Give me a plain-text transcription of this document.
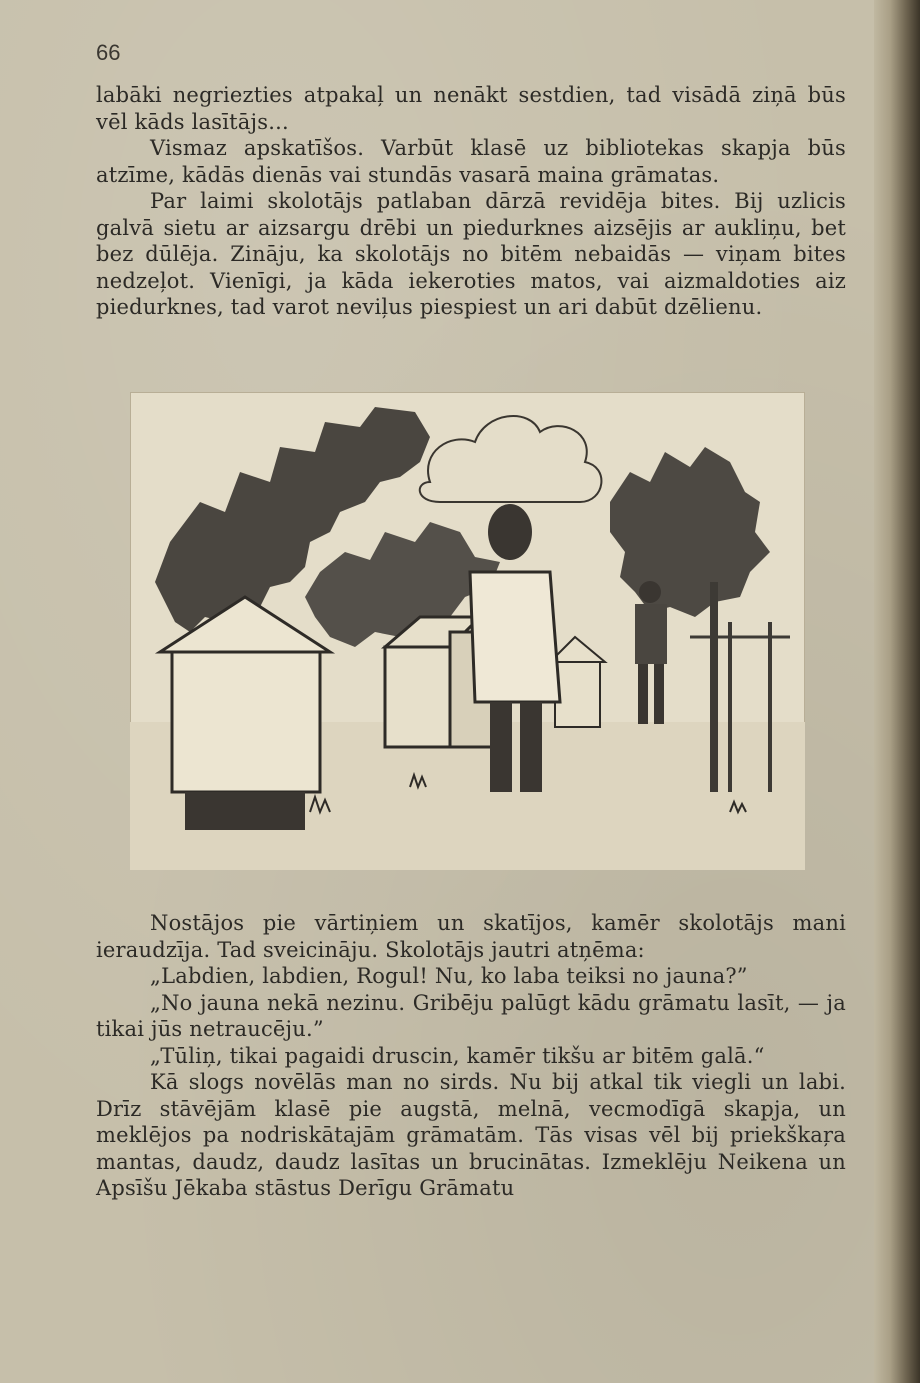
66

labāki negriezties atpakaļ un nenākt sestdien, tad visādā ziņā būs vēl kāds lasītājs...

Vismaz apskatīšos. Varbūt klasē uz bibliotekas skapja būs atzīme, kādās dienās vai stundās vasarā maina grāmatas.

Par laimi skolotājs patlaban dārzā revidēja bites. Bij uzlicis galvā sietu ar aizsargu drēbi un piedurknes aizsējis ar aukliņu, bet bez dūlēja. Zināju, ka skolotājs no bitēm nebaidās — viņam bites nedzeļot. Vienīgi, ja kāda iekeroties matos, vai aizmaldoties aiz piedurknes, tad varot neviļus piespiest un ari dabūt dzēlienu.

Nostājos pie vārtiņiem un skatījos, kamēr skolotājs mani ieraudzīja. Tad sveicināju. Skolotājs jautri atņēma:

„Labdien, labdien, Rogul! Nu, ko laba teiksi no jauna?”

„No jauna nekā nezinu. Gribēju palūgt kādu grāmatu lasīt, — ja tikai jūs netraucēju.”

„Tūliņ, tikai pagaidi druscin, kamēr tikšu ar bitēm galā.“

Kā slogs novēlās man no sirds. Nu bij atkal tik viegli un labi. Drīz stāvējām klasē pie augstā, melnā, vecmodīgā skapja, un meklējos pa nodriskātajām grāmatām. Tās visas vēl bij priekškaŗa mantas, daudz, daudz lasītas un brucinātas. Izmeklēju Neikena un Apsīšu Jēkaba stāstus Derīgu Grāmatu
